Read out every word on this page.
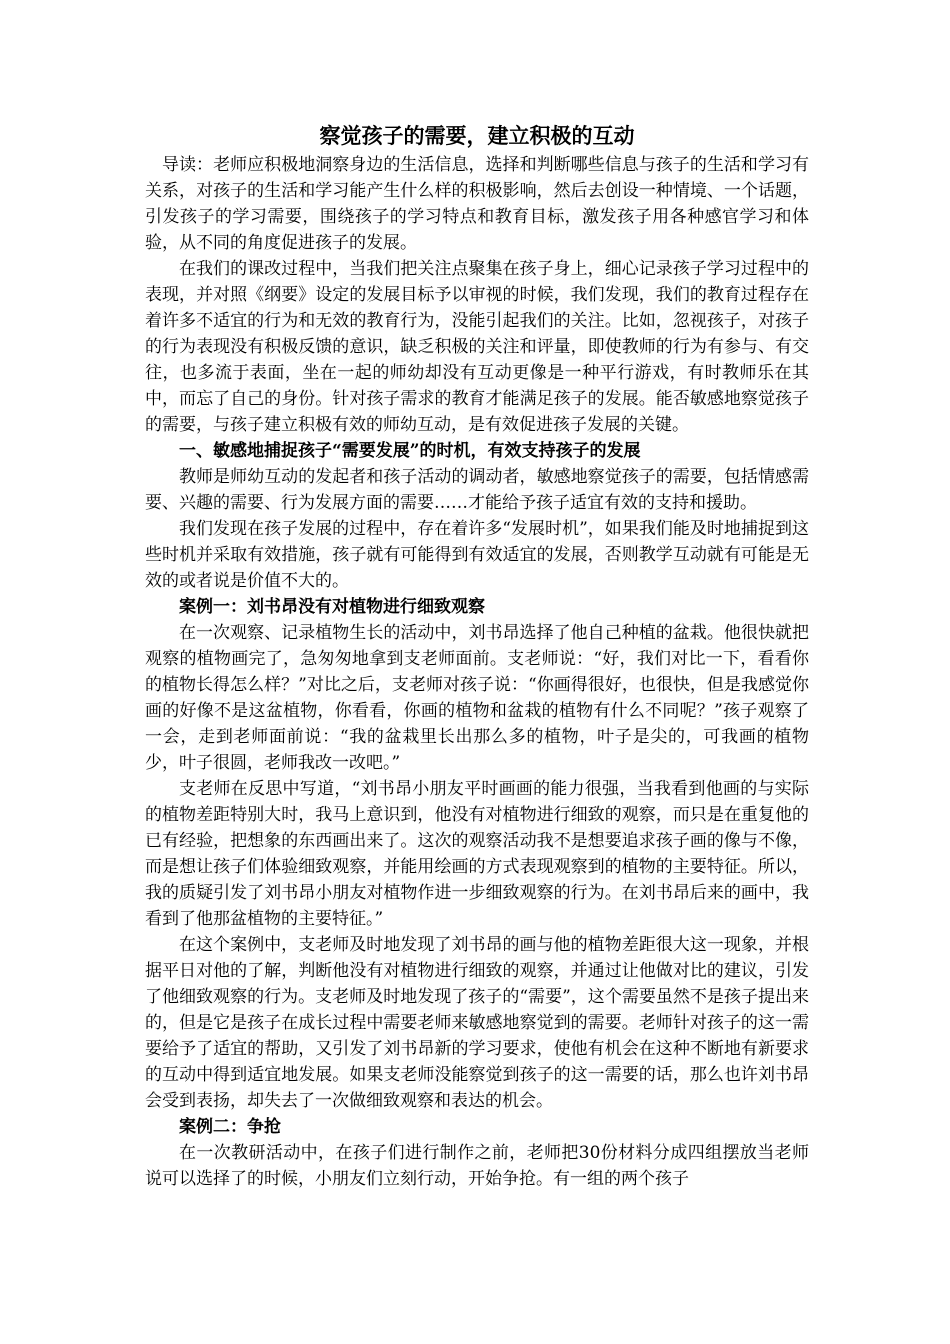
察觉孩子的需要，建立积极的互动

导读：老师应积极地洞察身边的生活信息，选择和判断哪些信息与孩子的生活和学习有关系，对孩子的生活和学习能产生什么样的积极影响，然后去创设一种情境、一个话题，引发孩子的学习需要，围绕孩子的学习特点和教育目标，激发孩子用各种感官学习和体验，从不同的角度促进孩子的发展。

在我们的课改过程中，当我们把关注点聚集在孩子身上，细心记录孩子学习过程中的表现，并对照《纲要》设定的发展目标予以审视的时候，我们发现，我们的教育过程存在着许多不适宜的行为和无效的教育行为，没能引起我们的关注。比如，忽视孩子，对孩子的行为表现没有积极反馈的意识，缺乏积极的关注和评量，即使教师的行为有参与、有交往，也多流于表面，坐在一起的师幼却没有互动更像是一种平行游戏，有时教师乐在其中，而忘了自己的身份。针对孩子需求的教育才能满足孩子的发展。能否敏感地察觉孩子的需要，与孩子建立积极有效的师幼互动，是有效促进孩子发展的关键。

一、敏感地捕捉孩子“需要发展”的时机，有效支持孩子的发展

教师是师幼互动的发起者和孩子活动的调动者，敏感地察觉孩子的需要，包括情感需要、兴趣的需要、行为发展方面的需要……才能给予孩子适宜有效的支持和援助。

我们发现在孩子发展的过程中，存在着许多“发展时机”，如果我们能及时地捕捉到这些时机并采取有效措施，孩子就有可能得到有效适宜的发展，否则教学互动就有可能是无效的或者说是价值不大的。

案例一：刘书昂没有对植物进行细致观察

在一次观察、记录植物生长的活动中，刘书昂选择了他自己种植的盆栽。他很快就把观察的植物画完了，急匆匆地拿到支老师面前。支老师说：“好，我们对比一下，看看你的植物长得怎么样？”对比之后，支老师对孩子说：“你画得很好，也很快，但是我感觉你画的好像不是这盆植物，你看看，你画的植物和盆栽的植物有什么不同呢？”孩子观察了一会，走到老师面前说：“我的盆栽里长出那么多的植物，叶子是尖的，可我画的植物少，叶子很圆，老师我改一改吧。”

支老师在反思中写道，“刘书昂小朋友平时画画的能力很强，当我看到他画的与实际的植物差距特别大时，我马上意识到，他没有对植物进行细致的观察，而只是在重复他的已有经验，把想象的东西画出来了。这次的观察活动我不是想要追求孩子画的像与不像，而是想让孩子们体验细致观察，并能用绘画的方式表现观察到的植物的主要特征。所以，我的质疑引发了刘书昂小朋友对植物作进一步细致观察的行为。在刘书昂后来的画中，我看到了他那盆植物的主要特征。”

在这个案例中，支老师及时地发现了刘书昂的画与他的植物差距很大这一现象，并根据平日对他的了解，判断他没有对植物进行细致的观察，并通过让他做对比的建议，引发了他细致观察的行为。支老师及时地发现了孩子的“需要”，这个需要虽然不是孩子提出来的，但是它是孩子在成长过程中需要老师来敏感地察觉到的需要。老师针对孩子的这一需要给予了适宜的帮助，又引发了刘书昂新的学习要求，使他有机会在这种不断地有新要求的互动中得到适宜地发展。如果支老师没能察觉到孩子的这一需要的话，那么也许刘书昂会受到表扬，却失去了一次做细致观察和表达的机会。

案例二：争抢

在一次教研活动中，在孩子们进行制作之前，老师把30份材料分成四组摆放当老师说可以选择了的时候，小朋友们立刻行动，开始争抢。有一组的两个孩子
